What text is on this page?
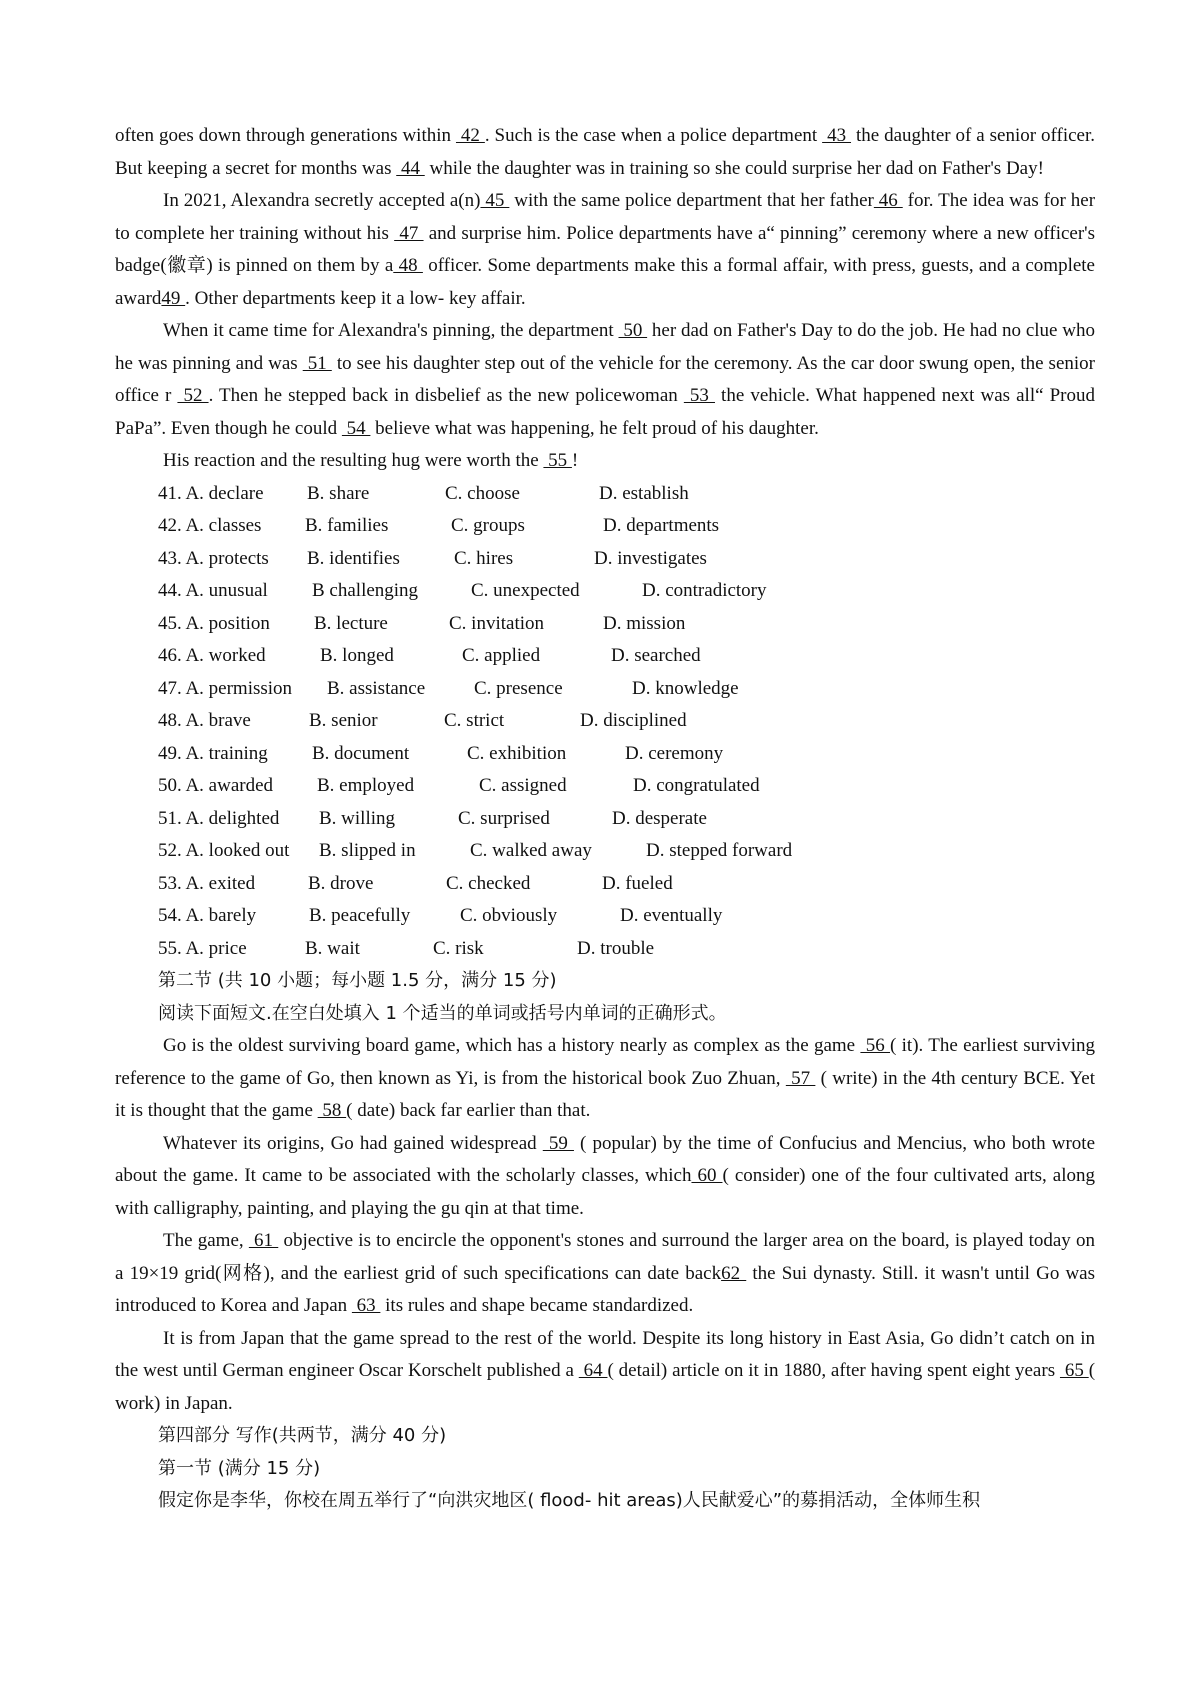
often goes down through generations within  42 . Such is the case when a police department  43  the daughter of a senior officer. But keeping a secret for months was  44  while the daughter was in training so she could surprise her dad on Father's Day!

In 2021, Alexandra secretly accepted a(n) 45  with the same police department that her father 46  for. The idea was for her to complete her training without his  47  and surprise him. Police departments have a“ pinning” ceremony where a new officer's badge(徽章) is pinned on them by a 48  officer. Some departments make this a formal affair, with press, guests, and a complete award49 . Other departments keep it a low- key affair.

When it came time for Alexandra's pinning, the department  50  her dad on Father's Day to do the job. He had no clue who he was pinning and was  51  to see his daughter step out of the vehicle for the ceremony. As the car door swung open, the senior office r  52 . Then he stepped back in disbelief as the new policewoman  53  the vehicle. What happened next was all“ Proud PaPa”. Even though he could  54  believe what was happening, he felt proud of his daughter.

His reaction and the resulting hug were worth the  55 !

41. A. declare B. share	C. choose	D. establish
42. A. classes B. families	C. groups	D. departments
43. A. protects B. identifies	C. hires	D. investigates
44. A. unusual B challenging	C. unexpected	D. contradictory
45. A. position B. lecture	C. invitation	D. mission
46. A. worked	B. longed	C. applied	D. searched
47. A. permission B. assistance	C. presence	D. knowledge
48. A. brave	B. senior	C. strict	D. disciplined
49. A. training B. document	C. exhibition	D. ceremony
50. A. awarded B. employed	C. assigned	D. congratulated
51. A. delighted B. willing	C. surprised	D. desperate
52. A. looked out B. slipped in	C. walked away	D. stepped forward
53. A. exited	B. drove	C. checked	D. fueled
54. A. barely	B. peacefully	C. obviously	D. eventually
55. A. price	B. wait	C. risk	D. trouble
第二节 (共 10 小题；每小题 1.5 分，满分 15 分)
阅读下面短文.在空白处填入 1 个适当的单词或括号内单词的正确形式。

Go is the oldest surviving board game, which has a history nearly as complex as the game  56 ( it). The earliest surviving reference to the game of Go, then known as Yi, is from the historical book Zuo Zhuan,  57  ( write) in the 4th century BCE. Yet it is thought that the game  58 ( date) back far earlier than that.

Whatever its origins, Go had gained widespread  59  ( popular) by the time of Confucius and Mencius, who both wrote about the game. It came to be associated with the scholarly classes, which 60 ( consider) one of the four cultivated arts, along with calligraphy, painting, and playing the gu qin at that time.

The game,  61  objective is to encircle the opponent's stones and surround the larger area on the board, is played today on a 19×19 grid(网格), and the earliest grid of such specifications can date back62  the Sui dynasty. Still. it wasn't until Go was introduced to Korea and Japan  63  its rules and shape became standardized.

It is from Japan that the game spread to the rest of the world. Despite its long history in East Asia, Go didn’t catch on in the west until German engineer Oscar Korschelt published a  64 ( detail) article on it in 1880, after having spent eight years  65 ( work) in Japan.

第四部分 写作(共两节，满分 40 分)
第一节 (满分 15 分)
假定你是李华，你校在周五举行了“向洪灾地区( flood- hit areas)人民献爱心”的募捐活动，全体师生积
